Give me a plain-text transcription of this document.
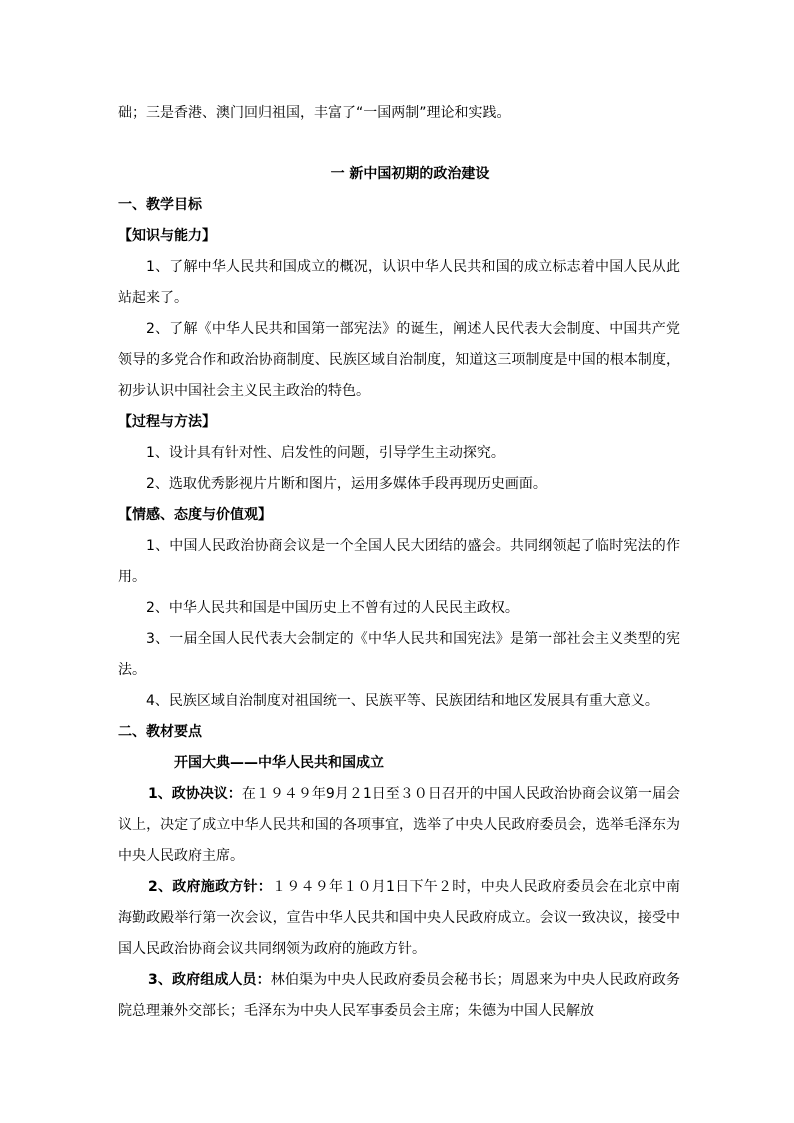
础；三是香港、澳门回归祖国，丰富了“一国两制”理论和实践。

一 新中国初期的政治建设

一、教学目标

【知识与能力】

1、了解中华人民共和国成立的概况，认识中华人民共和国的成立标志着中国人民从此站起来了。

2、了解《中华人民共和国第一部宪法》的诞生，阐述人民代表大会制度、中国共产党领导的多党合作和政治协商制度、民族区域自治制度，知道这三项制度是中国的根本制度，初步认识中国社会主义民主政治的特色。

【过程与方法】

1、设计具有针对性、启发性的问题，引导学生主动探究。

2、选取优秀影视片片断和图片，运用多媒体手段再现历史画面。

【情感、态度与价值观】

1、中国人民政治协商会议是一个全国人民大团结的盛会。共同纲领起了临时宪法的作用。

2、中华人民共和国是中国历史上不曾有过的人民民主政权。

3、一届全国人民代表大会制定的《中华人民共和国宪法》是第一部社会主义类型的宪法。

4、民族区域自治制度对祖国统一、民族平等、民族团结和地区发展具有重大意义。

二、教材要点

开国大典——中华人民共和国成立

1、政协决议：在１９４９年9月２1日至３０日召开的中国人民政治协商会议第一届会议上，决定了成立中华人民共和国的各项事宜，选举了中央人民政府委员会，选举毛泽东为中央人民政府主席。

2、政府施政方针：１９４９年１０月1日下午２时，中央人民政府委员会在北京中南海勤政殿举行第一次会议，宣告中华人民共和国中央人民政府成立。会议一致决议，接受中国人民政治协商会议共同纲领为政府的施政方针。

3、政府组成人员：林伯渠为中央人民政府委员会秘书长；周恩来为中央人民政府政务院总理兼外交部长；毛泽东为中央人民军事委员会主席；朱德为中国人民解放
